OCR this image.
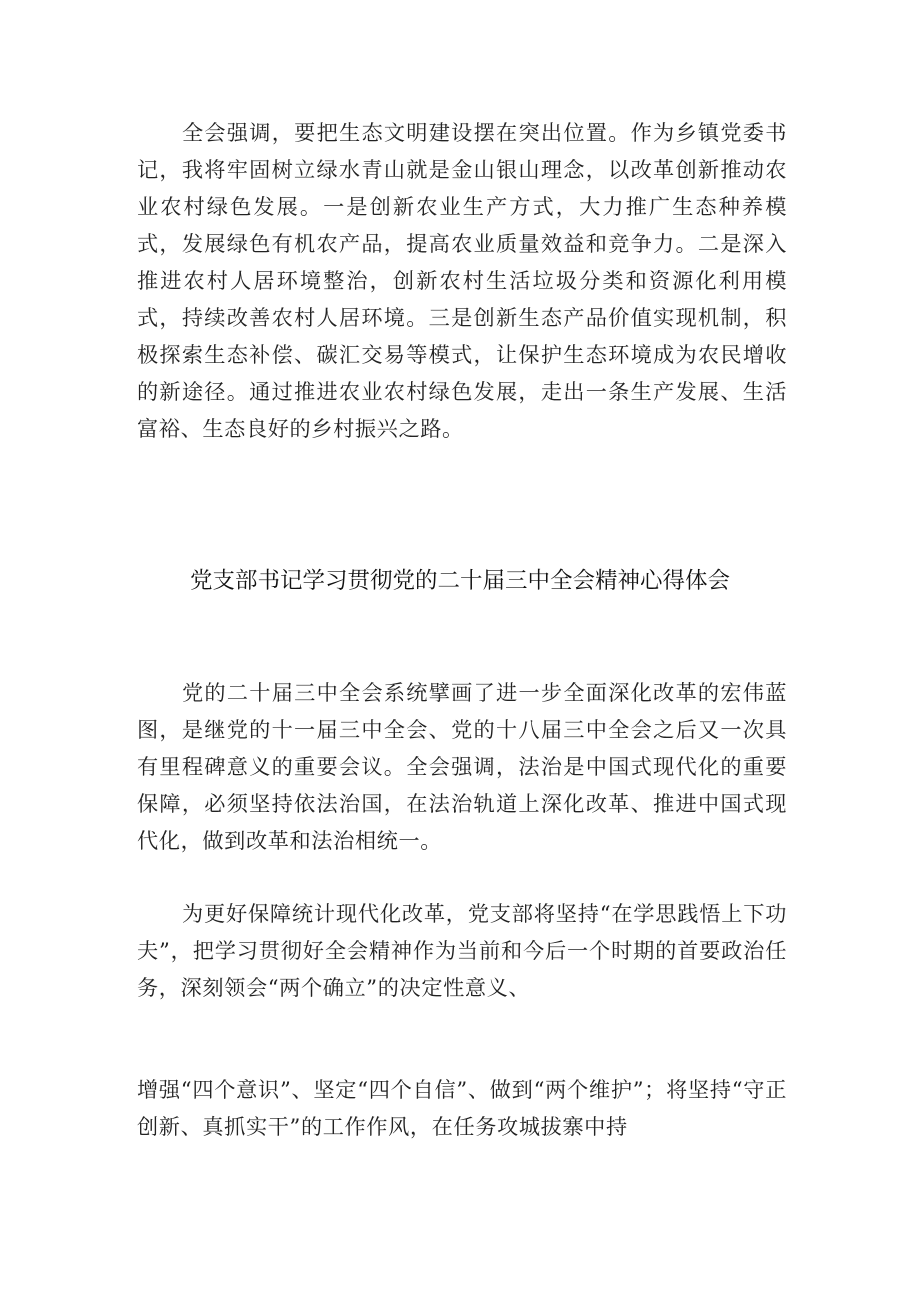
全会强调，要把生态文明建设摆在突出位置。作为乡镇党委书记，我将牢固树立绿水青山就是金山银山理念，以改革创新推动农业农村绿色发展。一是创新农业生产方式，大力推广生态种养模式，发展绿色有机农产品，提高农业质量效益和竞争力。二是深入推进农村人居环境整治，创新农村生活垃圾分类和资源化利用模式，持续改善农村人居环境。三是创新生态产品价值实现机制，积极探索生态补偿、碳汇交易等模式，让保护生态环境成为农民增收的新途径。通过推进农业农村绿色发展，走出一条生产发展、生活富裕、生态良好的乡村振兴之路。

党支部书记学习贯彻党的二十届三中全会精神心得体会

党的二十届三中全会系统擘画了进一步全面深化改革的宏伟蓝图，是继党的十一届三中全会、党的十八届三中全会之后又一次具有里程碑意义的重要会议。全会强调，法治是中国式现代化的重要保障，必须坚持依法治国，在法治轨道上深化改革、推进中国式现代化，做到改革和法治相统一。

为更好保障统计现代化改革，党支部将坚持“在学思践悟上下功夫”，把学习贯彻好全会精神作为当前和今后一个时期的首要政治任务，深刻领会“两个确立”的决定性意义、

增强“四个意识”、坚定“四个自信”、做到“两个维护”；将坚持“守正创新、真抓实干”的工作作风，在任务攻城拔寨中持
